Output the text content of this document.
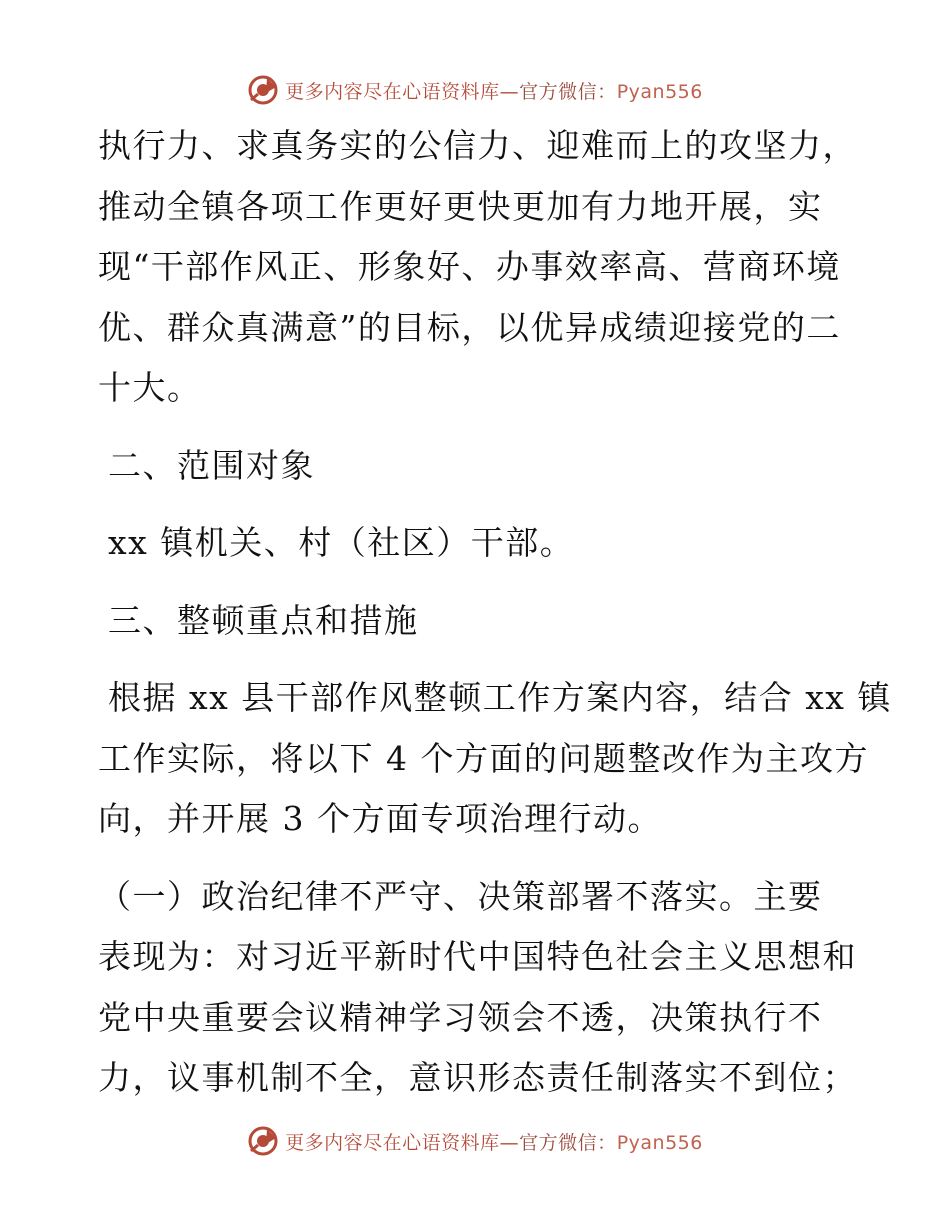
更多内容尽在心语资料库—官方微信：Pyan556
执行力、求真务实的公信力、迎难而上的攻坚力，
推动全镇各项工作更好更快更加有力地开展，实
现“干部作风正、形象好、办事效率高、营商环境
优、群众真满意”的目标，以优异成绩迎接党的二
十大。
二、范围对象
xx 镇机关、村（社区）干部。
三、整顿重点和措施
根据 xx 县干部作风整顿工作方案内容，结合 xx 镇
工作实际，将以下 4 个方面的问题整改作为主攻方
向，并开展 3 个方面专项治理行动。
（一）政治纪律不严守、决策部署不落实。主要
表现为：对习近平新时代中国特色社会主义思想和
党中央重要会议精神学习领会不透，决策执行不
力，议事机制不全，意识形态责任制落实不到位；
更多内容尽在心语资料库—官方微信：Pyan556
